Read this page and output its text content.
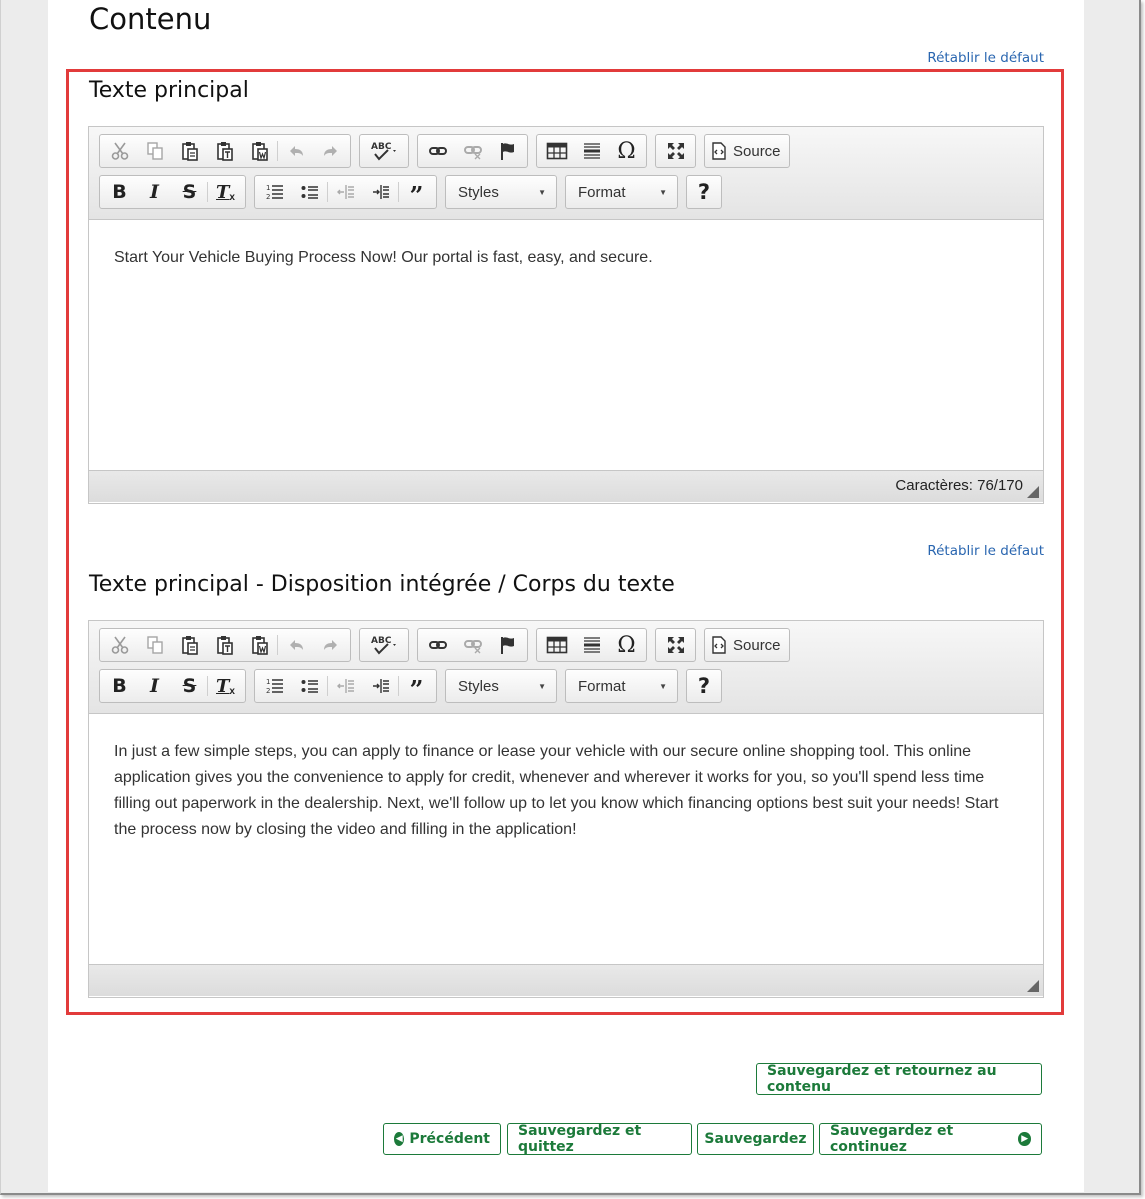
Contenu
Rétablir le défaut
Texte principal
ABC	Ω	Source
B I S T x
1
2	” Styles	▼ Format	▼ ?
Start Your Vehicle Buying Process Now! Our portal is fast, easy, and secure.
Caractères: 76/170
Rétablir le défaut
Texte principal - Disposition intégrée / Corps du texte
ABC	Ω	Source
B I S T x
1
2	” Styles	▼ Format	▼ ?
In just a few simple steps, you can apply to finance or lease your vehicle with our secure online shopping tool. This online application gives you the convenience to apply for credit, whenever and wherever it works for you, so you'll spend less time filling out paperwork in the dealership. Next, we'll follow up to let you know which financing options best suit your needs! Start the process now by closing the video and filling in the application!
Sauvegardez et retournez au contenu
◀ Précédent Sauvegardez et quittez	Sauvegardez Sauvegardez et continuez	▶
